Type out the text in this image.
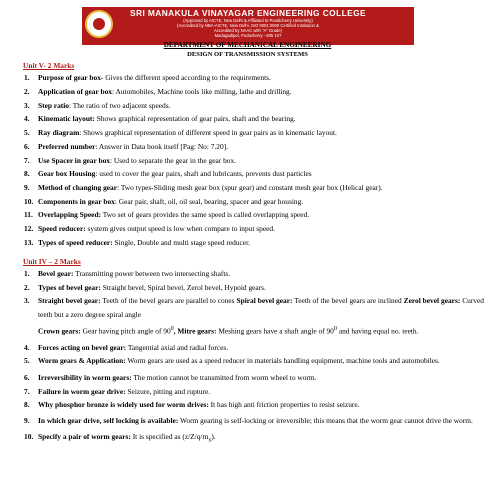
SRI MANAKULA VINAYAGAR ENGINEERING COLLEGE
(Approved by AICTE, New Delhi & Affiliated to Pondicherry University)
(Accredited by NBA-AICTE, New Delhi, ISO 9001:2000 Certified Institution &
Accredited by NAAC with "A" Grade)
Madagadipet, Puducherry - 605 107
DEPARTMENT OF MECHANICAL ENGINEERING
DESIGN OF TRANSMISSION SYSTEMS
Unit V- 2 Marks
1. Purpose of gear box- Gives the different speed according to the requirements.
2. Application of gear box: Automobiles, Machine tools like milling, lathe and drilling.
3. Step ratio: The ratio of two adjacent speeds.
4. Kinematic layout: Shows graphical representation of gear pairs, shaft and the bearing.
5. Ray diagram: Shows graphical representation of different speed in gear pairs as in kinematic layout.
6. Preferred number: Answer in Data book itself [Pag: No: 7.20].
7. Use Spacer in gear box: Used to separate the gear in the gear box.
8. Gear box Housing: used to cover the gear pairs, shaft and lubricants, prevents dust particles
9. Method of changing gear: Two types-Sliding mesh gear box (spur gear) and constant mesh gear box (Helical gear).
10. Components in gear box: Gear pair, shaft, oil, oil seal, bearing, spacer and gear housing.
11. Overlapping Speed: Two set of gears provides the same speed is called overlapping speed.
12. Speed reducer: system gives output speed is low when compare to input speed.
13. Types of speed reducer: Single, Double and multi stage speed reducer.
Unit IV – 2 Marks
1. Bevel gear: Transmitting power between two intersecting shafts.
2. Types of bevel gear: Straight bevel, Spiral bevel, Zerol bevel, Hypoid gears.
3. Straight bevel gear: Teeth of the bevel gears are parallel to cones Spiral bevel gear: Teeth of the bevel gears are inclined Zerol bevel gears: Curved teeth but a zero degree spiral angle
Crown gears: Gear having pitch angle of $90^0$, Mitre gears: Meshing gears have a shaft angle of $90^0$ and having equal no. teeth.
4. Forces acting on bevel gear: Tangential axial and radial forces.
5. Worm gears & Application: Worm gears are used as a speed reducer in materials handling equipment, machine tools and automobiles.
6. Irreversibility in worm gears: The motion cannot be transmitted from worm wheel to worm.
7. Failure in worm gear drive: Seizure, pitting and rupture.
8. Why phosphor bronze is widely used for worm drives: It has high anti friction properties to resist seizure.
9. In which gear drive, self locking is available: Worm gearing is self-locking or irreversible; this means that the worm gear cannot drive the worm.
10. Specify a pair of worm gears: It is specified as $(z/Z/q/m_x)$.
